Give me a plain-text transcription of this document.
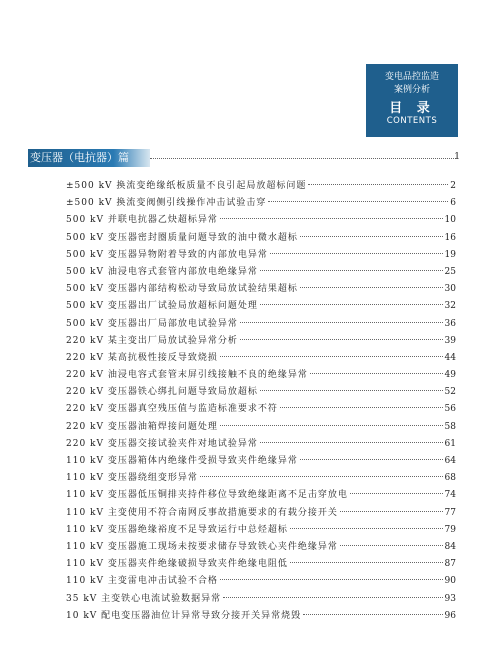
变电品控监造
案例分析
目 录
CONTENTS
变压器（电抗器）篇	1
±500 kV 换流变绝缘纸板质量不良引起局放超标问题	2
±500 kV 换流变阀侧引线操作冲击试验击穿	6
500 kV 并联电抗器乙炔超标异常	10
500 kV 变压器密封圈质量问题导致的油中微水超标	16
500 kV 变压器异物附着导致的内部放电异常	19
500 kV 油浸电容式套管内部放电绝缘异常	25
500 kV 变压器内部结构松动导致局放试验结果超标	30
500 kV 变压器出厂试验局放超标问题处理	32
500 kV 变压器出厂局部放电试验异常	36
220 kV 某主变出厂局放试验异常分析	39
220 kV 某高抗极性接反导致烧损	44
220 kV 油浸电容式套管末屏引线接触不良的绝缘异常	49
220 kV 变压器铁心绑扎问题导致局放超标	52
220 kV 变压器真空残压值与监造标准要求不符	56
220 kV 变压器油箱焊接问题处理	58
220 kV 变压器交接试验夹件对地试验异常	61
110 kV 变压器箱体内绝缘件受损导致夹件绝缘异常	64
110 kV 变压器绕组变形异常	68
110 kV 变压器低压铜排夹持件移位导致绝缘距离不足击穿放电	74
110 kV 主变使用不符合南网反事故措施要求的有载分接开关	77
110 kV 变压器绝缘裕度不足导致运行中总烃超标	79
110 kV 变压器施工现场未按要求储存导致铁心夹件绝缘异常	84
110 kV 变压器夹件绝缘破损导致夹件绝缘电阻低	87
110 kV 主变雷电冲击试验不合格	90
35 kV 主变铁心电流试验数据异常	93
10 kV 配电变压器油位计异常导致分接开关异常烧毁	96
